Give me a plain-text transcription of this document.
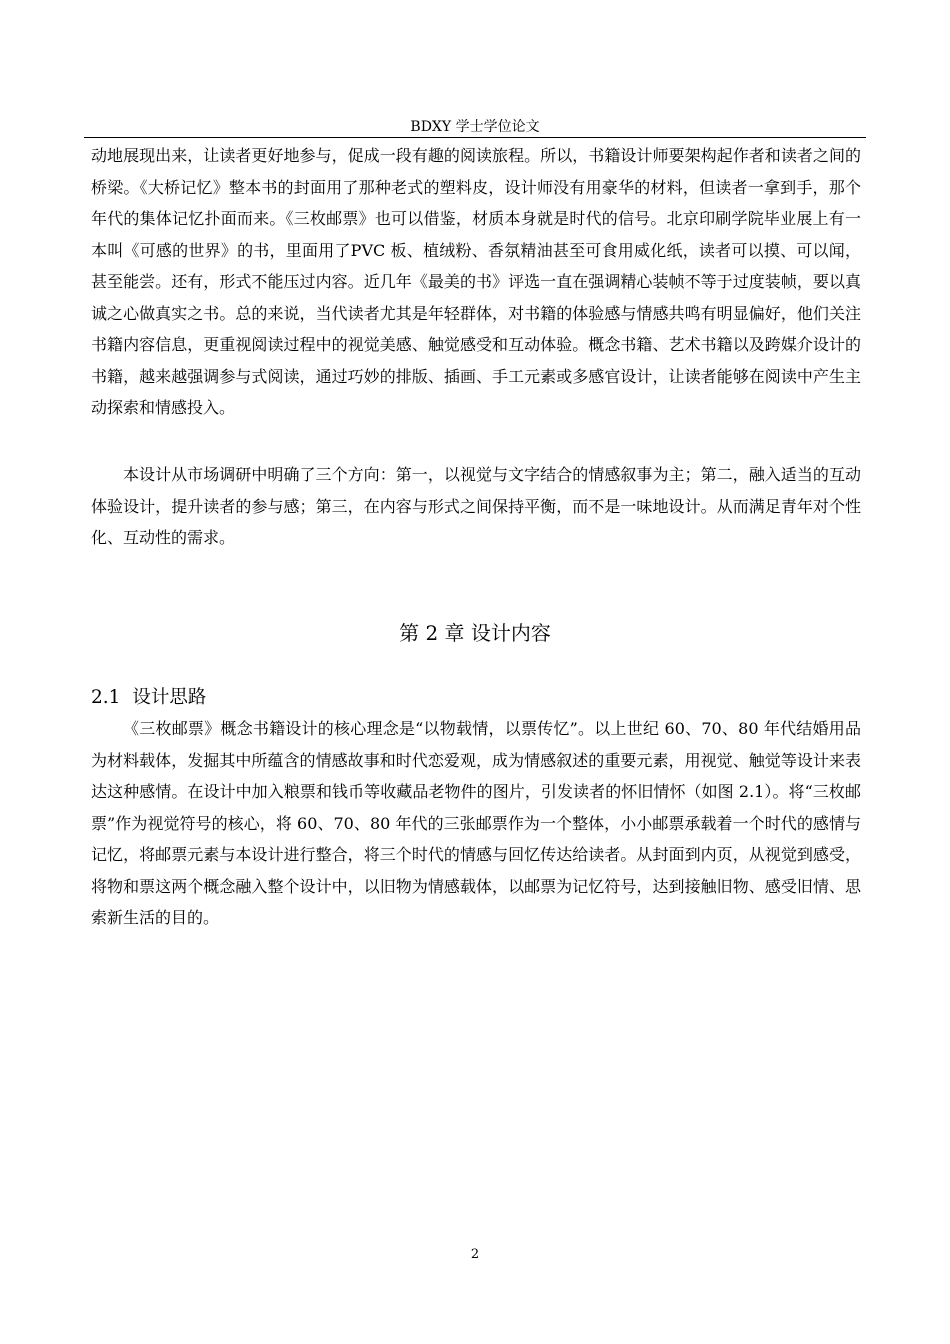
BDXY 学士学位论文

动地展现出来，让读者更好地参与，促成一段有趣的阅读旅程。所以，书籍设计师要架构起作者和读者之间的桥梁。《大桥记忆》整本书的封面用了那种老式的塑料皮，设计师没有用豪华的材料，但读者一拿到手，那个年代的集体记忆扑面而来。《三枚邮票》也可以借鉴，材质本身就是时代的信号。北京印刷学院毕业展上有一本叫《可感的世界》的书，里面用了PVC 板、植绒粉、香氛精油甚至可食用威化纸，读者可以摸、可以闻，甚至能尝。还有，形式不能压过内容。近几年《最美的书》评选一直在强调精心装帧不等于过度装帧，要以真诚之心做真实之书。总的来说，当代读者尤其是年轻群体，对书籍的体验感与情感共鸣有明显偏好，他们关注书籍内容信息，更重视阅读过程中的视觉美感、触觉感受和互动体验。概念书籍、艺术书籍以及跨媒介设计的书籍，越来越强调参与式阅读，通过巧妙的排版、插画、手工元素或多感官设计，让读者能够在阅读中产生主动探索和情感投入。

本设计从市场调研中明确了三个方向：第一，以视觉与文字结合的情感叙事为主；第二，融入适当的互动体验设计，提升读者的参与感；第三，在内容与形式之间保持平衡，而不是一味地设计。从而满足青年对个性化、互动性的需求。

第 2 章 设计内容
2.1 设计思路

《三枚邮票》概念书籍设计的核心理念是“以物载情，以票传忆”。以上世纪 60、70、80 年代结婚用品为材料载体，发掘其中所蕴含的情感故事和时代恋爱观，成为情感叙述的重要元素，用视觉、触觉等设计来表达这种感情。在设计中加入粮票和钱币等收藏品老物件的图片，引发读者的怀旧情怀（如图 2.1）。将“三枚邮票”作为视觉符号的核心，将 60、70、80 年代的三张邮票作为一个整体，小小邮票承载着一个时代的感情与记忆，将邮票元素与本设计进行整合，将三个时代的情感与回忆传达给读者。从封面到内页，从视觉到感受，将物和票这两个概念融入整个设计中，以旧物为情感载体，以邮票为记忆符号，达到接触旧物、感受旧情、思索新生活的目的。

2
